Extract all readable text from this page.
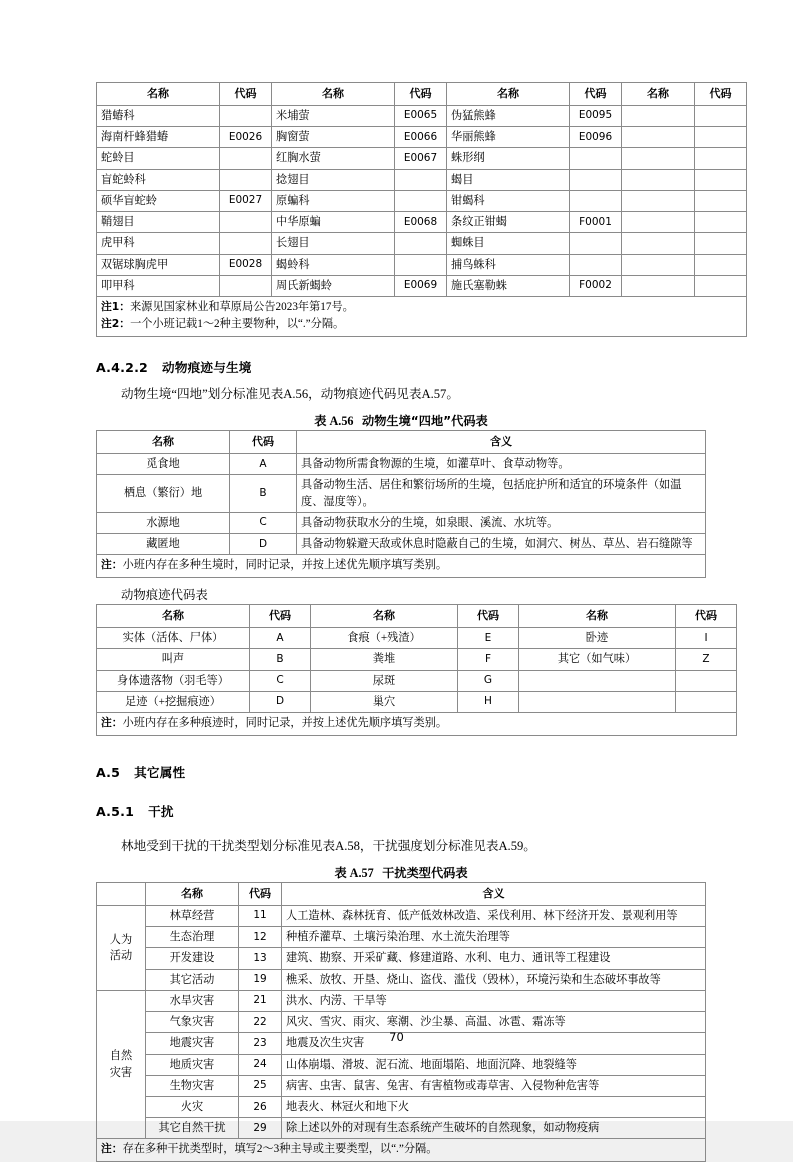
名称	代码	名称	代码	名称	代码	名称	代码
猎蝽科		米埔萤	E0065	伪猛熊蜂	E0095		
海南杆蜂猎蝽	E0026	胸窗萤	E0066	华丽熊蜂	E0096		
蛇蛉目		红胸水萤	E0067	蛛形纲			
盲蛇蛉科		捻翅目		蝎目			
硕华盲蛇蛉	E0027	原蝙科		钳蝎科			
鞘翅目		中华原蝙	E0068	条纹正钳蝎	F0001		
虎甲科		长翅目		蜘蛛目			
双锯球胸虎甲	E0028	蝎蛉科		捕鸟蛛科			
叩甲科		周氏新蝎蛉	E0069	施氏塞勒蛛	F0002		

注1：来源见国家林业和草原局公告2023年第17号。
注2：一个小班记载1～2种主要物种，以“.”分隔。							

A.4.2.2 动物痕迹与生境

动物生境“四地”划分标准见表A.56，动物痕迹代码见表A.57。

表 A.56 动物生境“四地”代码表

名称	代码	含义
觅食地	A	具备动物所需食物源的生境，如灌草叶、食草动物等。
栖息（繁衍）地	B	具备动物生活、居住和繁衍场所的生境，包括庇护所和适宜的环境条件（如温度、湿度等）。
水源地	C	具备动物获取水分的生境，如泉眼、溪流、水坑等。
藏匿地	D	具备动物躲避天敌或休息时隐蔽自己的生境，如洞穴、树丛、草丛、岩石缝隙等
注：小班内存在多种生境时，同时记录，并按上述优先顺序填写类别。		

动物痕迹代码表

名称	代码	名称	代码	名称	代码
实体（活体、尸体）	A	食痕（+残渣）	E	卧迹	I
叫声	B	粪堆	F	其它（如气味）	Z
身体遗落物（羽毛等）	C	尿斑	G		
足迹（+挖掘痕迹）	D	巢穴	H		
注：小班内存在多种痕迹时，同时记录，并按上述优先顺序填写类别。					

A.5 其它属性

A.5.1 干扰

林地受到干扰的干扰类型划分标准见表A.58，干扰强度划分标准见表A.59。

表 A.57 干扰类型代码表

	名称	代码	含义

人为
活动	林草经营	11	人工造林、森林抚育、低产低效林改造、采伐利用、林下经济开发、景观利用等
	生态治理	12	种植乔灌草、土壤污染治理、水土流失治理等
	开发建设	13	建筑、勘察、开采矿藏、修建道路、水利、电力、通讯等工程建设
	其它活动	19	樵采、放牧、开垦、烧山、盗伐、滥伐（毁林），环境污染和生态破坏事故等

自然
灾害	水旱灾害	21	洪水、内涝、干旱等
	气象灾害	22	风灾、雪灾、雨灾、寒潮、沙尘暴、高温、冰雹、霜冻等
	地震灾害	23	地震及次生灾害
	地质灾害	24	山体崩塌、滑坡、泥石流、地面塌陷、地面沉降、地裂缝等
	生物灾害	25	病害、虫害、鼠害、兔害、有害植物或毒草害、入侵物种危害等
	火灾	26	地表火、林冠火和地下火
	其它自然干扰	29	除上述以外的对现有生态系统产生破坏的自然现象，如动物疫病
注：存在多种干扰类型时，填写2～3种主导或主要类型，以“.”分隔。			
70
